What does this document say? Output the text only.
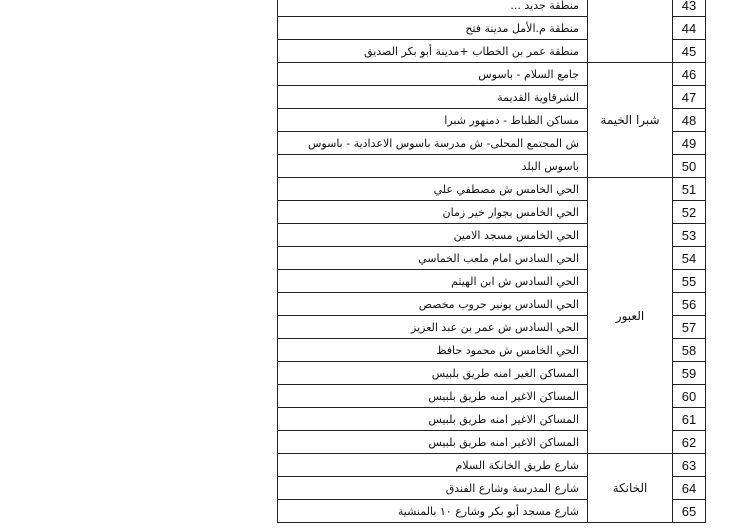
منطقة جديد ...		43
منطقة م.الأمل مدينة فتح		44
منطقة عمر بن الخطاب +مدينة أبو بكر الصديق		45
جامع السلام - باسوس	شبرا الخيمة	46
الشرقاوية القديمة		47
مساكن الظباط - دمنهور شبرا		48
ش المجتمع المحلى- ش مدرسة باسوس الاعدادية - باسوس		49
باسوس البلد		50
الحي الخامس ش مصطفي علي	العبور	51
الحي الخامس بجوار خير زمان		52
الحي الخامس مسجد الامين		53
الحي السادس امام ملعب الخماسي		54
الحي السادس ش ابن الهيثم		55
الحي السادس يونير جروب مخصص		56
الحي السادس ش عمر بن عبد العزيز		57
الحي الخامس ش محمود حافظ		58
المساكن الغير امنه طريق بلبيس		59
المساكن الاغير امنه طريق بلبيس		60
المساكن الاغير امنه طريق بلبيس		61
المساكن الاغير امنه طريق بلبيس		62
شارع طريق الخانكة السلام	الخانكة	63
شارع المدرسة وشارع الفندق		64
شارع مسجد أبو بكر وشارع ١٠ بالمنشية		65
